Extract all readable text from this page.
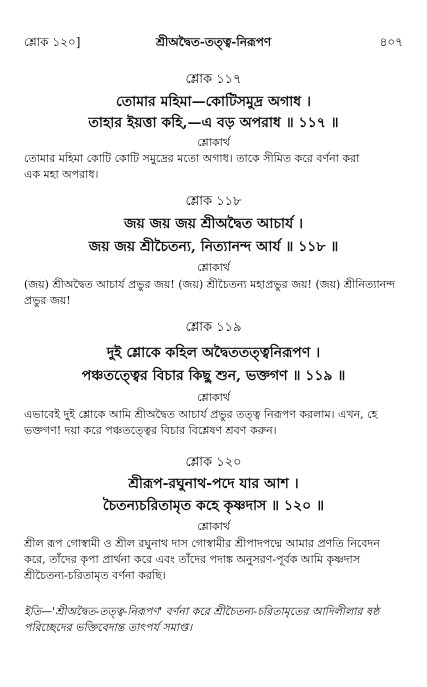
শ্লোক ১২০]	শ্রীঅদ্বৈত-তত্ত্ব-নিরূপণ	৪০৭
শ্লোক ১১৭
তোমার মহিমা—কোটিসমুদ্র অগাধ ।
তাহার ইয়ত্তা কহি,—এ বড় অপরাধ ॥ ১১৭ ॥
শ্লোকার্থ
তোমার মহিমা কোটি কোটি সমুদ্রের মতো অগাধ। তাকে সীমিত করে বর্ণনা করা
এক মহা অপরাধ।
শ্লোক ১১৮
জয় জয় জয় শ্রীঅদ্বৈত আচার্য ।
জয় জয় শ্রীচৈতন্য, নিত্যানন্দ আর্য ॥ ১১৮ ॥
শ্লোকার্থ
(জয়) শ্রীঅদ্বৈত আচার্য প্রভুর জয়! (জয়) শ্রীচৈতন্য মহাপ্রভুর জয়! (জয়) শ্রীনিত্যানন্দ
প্রভুর জয়!
শ্লোক ১১৯
দুই শ্লোকে কহিল অদ্বৈততত্ত্বনিরূপণ ।
পঞ্চতত্ত্বের বিচার কিছু শুন, ভক্তগণ ॥ ১১৯ ॥
শ্লোকার্থ
এভাবেই দুই শ্লোকে আমি শ্রীঅদ্বৈত আচার্য প্রভুর তত্ত্ব নিরূপণ করলাম। এখন, হে
ভক্তগণ! দয়া করে পঞ্চতত্ত্বের বিচার বিশ্লেষণ শ্রবণ করুন।
শ্লোক ১২০
শ্রীরূপ-রঘুনাথ-পদে যার আশ ।
চৈতন্যচরিতামৃত কহে কৃষ্ণদাস ॥ ১২০ ॥
শ্লোকার্থ
শ্রীল রূপ গোস্বামী ও শ্রীল রঘুনাথ দাস গোস্বামীর শ্রীপাদপদ্মে আমার প্রণতি নিবেদন
করে, তাঁদের কৃপা প্রার্থনা করে এবং তাঁদের পদাঙ্ক অনুসরণ-পূর্বক আমি কৃষ্ণদাস
শ্রীচৈতন্য-চরিতামৃত বর্ণনা করছি।
ইতি—'শ্রীঅদ্বৈত-তত্ত্ব-নিরূপণ' বর্ণনা করে শ্রীচৈতন্য-চরিতামৃতের আদিলীলার ষষ্ঠ
পরিচ্ছেদের ভক্তিবেদান্ত তাৎপর্য সমাপ্ত।
